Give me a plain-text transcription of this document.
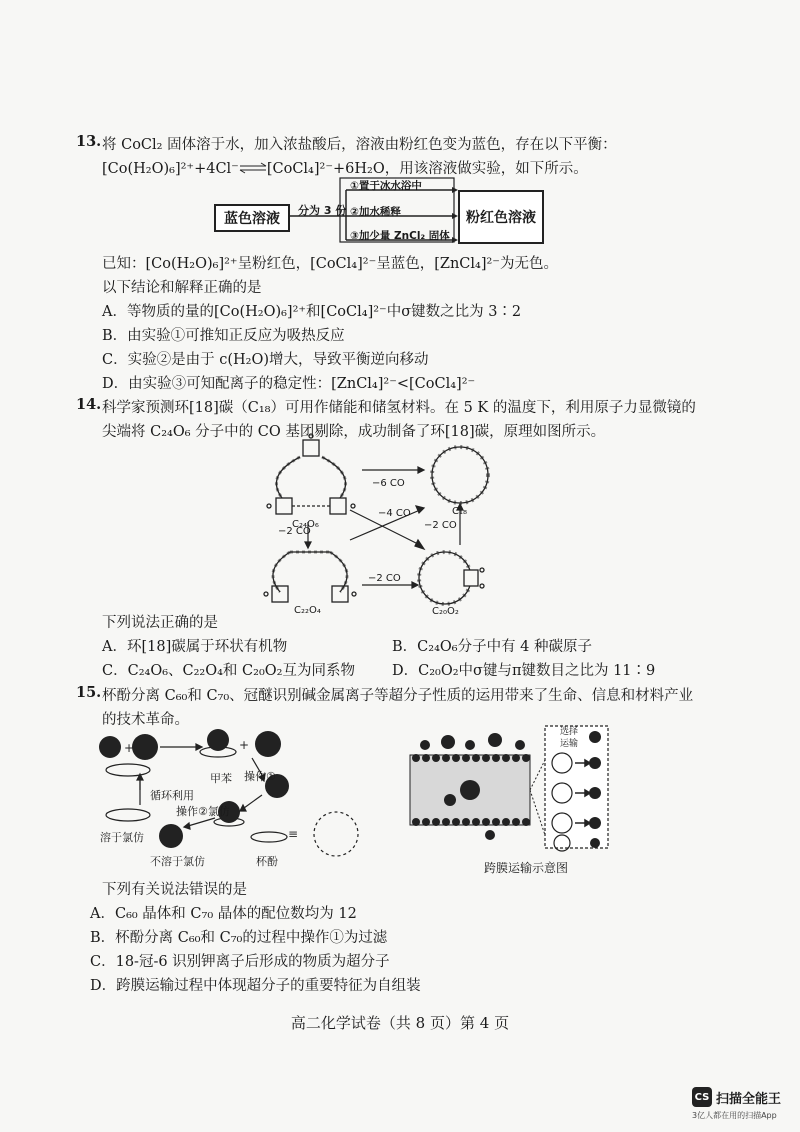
13. 将 CoCl₂ 固体溶于水，加入浓盐酸后，溶液由粉红色变为蓝色，存在以下平衡：
[Co(H₂O)₆]²⁺+4Cl⁻⇌[CoCl₄]²⁻+6H₂O，用该溶液做实验，如下所示。
蓝色溶液	粉红色溶液
分为 3 份
①置于冰水浴中
②加水稀释
③加少量 ZnCl₂ 固体
已知：[Co(H₂O)₆]²⁺呈粉红色，[CoCl₄]²⁻呈蓝色，[ZnCl₄]²⁻为无色。
以下结论和解释正确的是
A．等物质的量的[Co(H₂O)₆]²⁺和[CoCl₄]²⁻中σ键数之比为 3∶2
B．由实验①可推知正反应为吸热反应
C．实验②是由于 c(H₂O)增大，导致平衡逆向移动
D．由实验③可知配离子的稳定性：[ZnCl₄]²⁻<[CoCl₄]²⁻
14. 科学家预测环[18]碳（C₁₈）可用作储能和储氢材料。在 5 K 的温度下，利用原子力显微镜的
尖端将 C₂₄O₆ 分子中的 CO 基团剔除，成功制备了环[18]碳，原理如图所示。
C₂₄O₆
C₁₈
C₂₂O₄	C₂₀O₂
−6 CO
−2 CO
−4 CO
−2 CO
−2 CO
下列说法正确的是
A．环[18]碳属于环状有机物	B．C₂₄O₆分子中有 4 种碳原子
C．C₂₄O₆、C₂₂O₄和 C₂₀O₂互为同系物	D．C₂₀O₂中σ键与π键数目之比为 11∶9
15. 杯酚分离 C₆₀和 C₇₀、冠醚识别碱金属离子等超分子性质的运用带来了生命、信息和材料产业
的技术革命。
+	+
≡
甲苯 操作①
循环利用
操作②氯仿
溶于氯仿
不溶于氯仿	杯酚
选择
运输
跨膜运输示意图
下列有关说法错误的是
A．C₆₀ 晶体和 C₇₀ 晶体的配位数均为 12
B．杯酚分离 C₆₀和 C₇₀的过程中操作①为过滤
C．18-冠-6 识别钾离子后形成的物质为超分子
D．跨膜运输过程中体现超分子的重要特征为自组装
高二化学试卷（共 8 页）第 4 页
CS 扫描全能王
3亿人都在用的扫描App
